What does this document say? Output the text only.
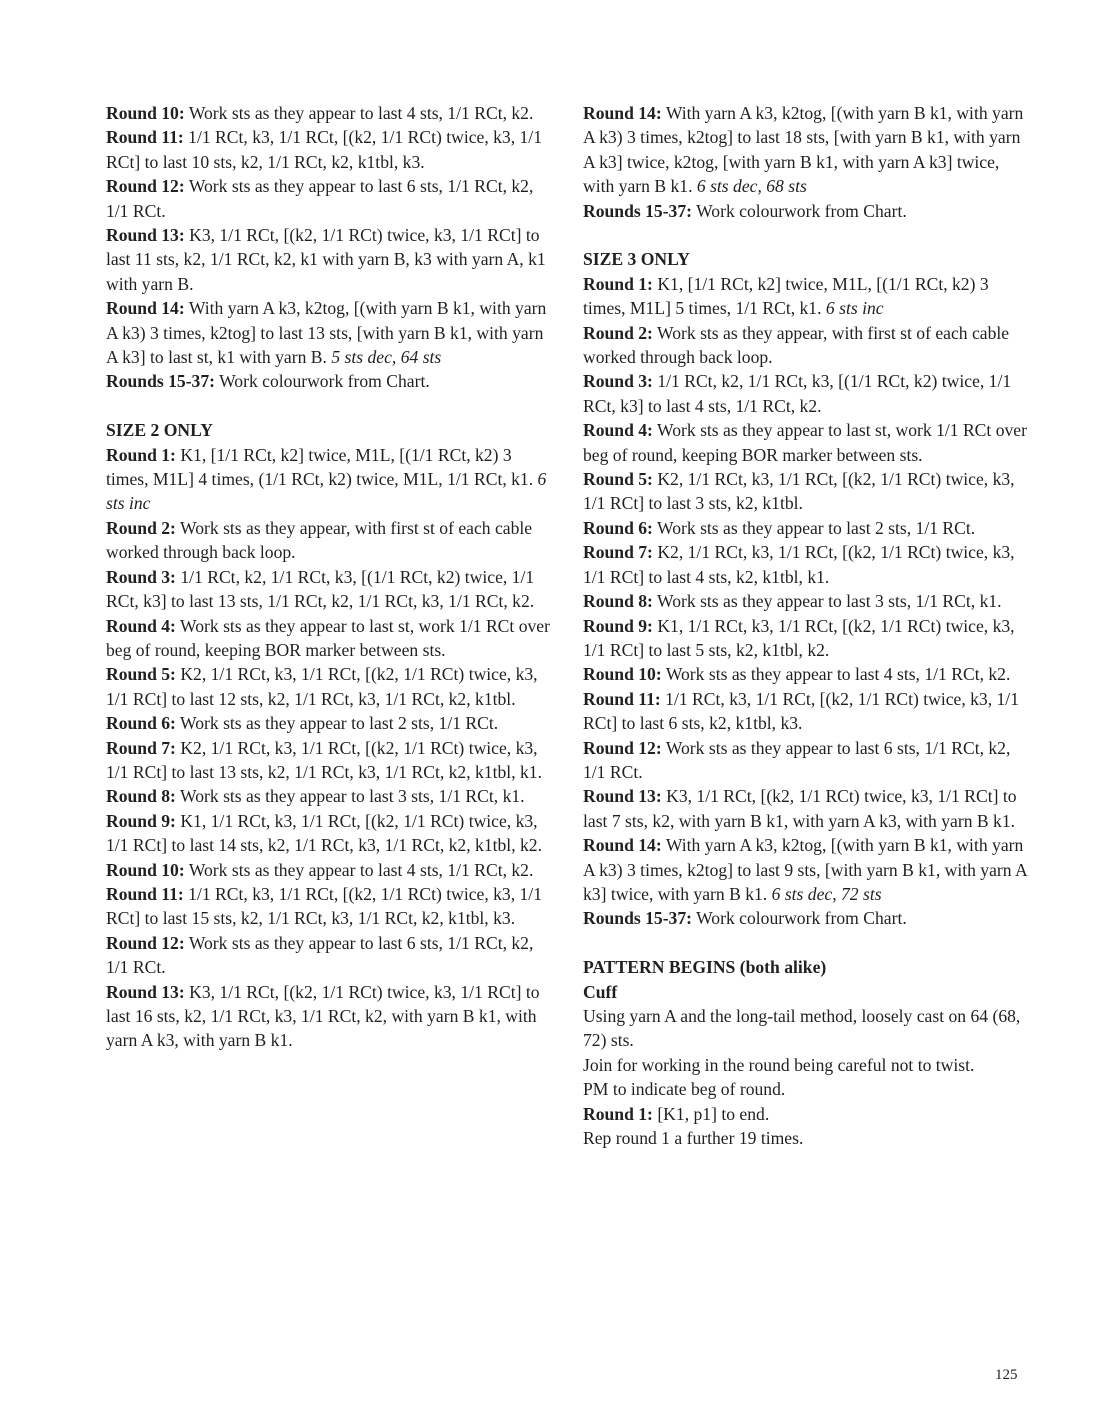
Round 10: Work sts as they appear to last 4 sts, 1/1 RCt, k2.

Round 11: 1/1 RCt, k3, 1/1 RCt, [(k2, 1/1 RCt) twice, k3, 1/1 RCt] to last 10 sts, k2, 1/1 RCt, k2, k1tbl, k3.

Round 12: Work sts as they appear to last 6 sts, 1/1 RCt, k2, 1/1 RCt.

Round 13: K3, 1/1 RCt, [(k2, 1/1 RCt) twice, k3, 1/1 RCt] to last 11 sts, k2, 1/1 RCt, k2, k1 with yarn B, k3 with yarn A, k1 with yarn B.

Round 14: With yarn A k3, k2tog, [(with yarn B k1, with yarn A k3) 3 times, k2tog] to last 13 sts, [with yarn B k1, with yarn A k3] to last st, k1 with yarn B. 5 sts dec, 64 sts

Rounds 15-37: Work colourwork from Chart.

SIZE 2 ONLY

Round 1: K1, [1/1 RCt, k2] twice, M1L, [(1/1 RCt, k2) 3 times, M1L] 4 times, (1/1 RCt, k2) twice, M1L, 1/1 RCt, k1. 6 sts inc

Round 2: Work sts as they appear, with first st of each cable worked through back loop.

Round 3: 1/1 RCt, k2, 1/1 RCt, k3, [(1/1 RCt, k2) twice, 1/1 RCt, k3] to last 13 sts, 1/1 RCt, k2, 1/1 RCt, k3, 1/1 RCt, k2.

Round 4: Work sts as they appear to last st, work 1/1 RCt over beg of round, keeping BOR marker between sts.

Round 5: K2, 1/1 RCt, k3, 1/1 RCt, [(k2, 1/1 RCt) twice, k3, 1/1 RCt] to last 12 sts, k2, 1/1 RCt, k3, 1/1 RCt, k2, k1tbl.

Round 6: Work sts as they appear to last 2 sts, 1/1 RCt.

Round 7: K2, 1/1 RCt, k3, 1/1 RCt, [(k2, 1/1 RCt) twice, k3, 1/1 RCt] to last 13 sts, k2, 1/1 RCt, k3, 1/1 RCt, k2, k1tbl, k1.

Round 8: Work sts as they appear to last 3 sts, 1/1 RCt, k1.

Round 9: K1, 1/1 RCt, k3, 1/1 RCt, [(k2, 1/1 RCt) twice, k3, 1/1 RCt] to last 14 sts, k2, 1/1 RCt, k3, 1/1 RCt, k2, k1tbl, k2.

Round 10: Work sts as they appear to last 4 sts, 1/1 RCt, k2.

Round 11: 1/1 RCt, k3, 1/1 RCt, [(k2, 1/1 RCt) twice, k3, 1/1 RCt] to last 15 sts, k2, 1/1 RCt, k3, 1/1 RCt, k2, k1tbl, k3.

Round 12: Work sts as they appear to last 6 sts, 1/1 RCt, k2, 1/1 RCt.

Round 13: K3, 1/1 RCt, [(k2, 1/1 RCt) twice, k3, 1/1 RCt] to last 16 sts, k2, 1/1 RCt, k3, 1/1 RCt, k2, with yarn B k1, with yarn A k3, with yarn B k1.

Round 14: With yarn A k3, k2tog, [(with yarn B k1, with yarn A k3) 3 times, k2tog] to last 18 sts, [with yarn B k1, with yarn A k3] twice, k2tog, [with yarn B k1, with yarn A k3] twice, with yarn B k1. 6 sts dec, 68 sts

Rounds 15-37: Work colourwork from Chart.

SIZE 3 ONLY

Round 1: K1, [1/1 RCt, k2] twice, M1L, [(1/1 RCt, k2) 3 times, M1L] 5 times, 1/1 RCt, k1. 6 sts inc

Round 2: Work sts as they appear, with first st of each cable worked through back loop.

Round 3: 1/1 RCt, k2, 1/1 RCt, k3, [(1/1 RCt, k2) twice, 1/1 RCt, k3] to last 4 sts, 1/1 RCt, k2.

Round 4: Work sts as they appear to last st, work 1/1 RCt over beg of round, keeping BOR marker between sts.

Round 5: K2, 1/1 RCt, k3, 1/1 RCt, [(k2, 1/1 RCt) twice, k3, 1/1 RCt] to last 3 sts, k2, k1tbl.

Round 6: Work sts as they appear to last 2 sts, 1/1 RCt.

Round 7: K2, 1/1 RCt, k3, 1/1 RCt, [(k2, 1/1 RCt) twice, k3, 1/1 RCt] to last 4 sts, k2, k1tbl, k1.

Round 8: Work sts as they appear to last 3 sts, 1/1 RCt, k1.

Round 9: K1, 1/1 RCt, k3, 1/1 RCt, [(k2, 1/1 RCt) twice, k3, 1/1 RCt] to last 5 sts, k2, k1tbl, k2.

Round 10: Work sts as they appear to last 4 sts, 1/1 RCt, k2.

Round 11: 1/1 RCt, k3, 1/1 RCt, [(k2, 1/1 RCt) twice, k3, 1/1 RCt] to last 6 sts, k2, k1tbl, k3.

Round 12: Work sts as they appear to last 6 sts, 1/1 RCt, k2, 1/1 RCt.

Round 13: K3, 1/1 RCt, [(k2, 1/1 RCt) twice, k3, 1/1 RCt] to last 7 sts, k2, with yarn B k1, with yarn A k3, with yarn B k1.

Round 14: With yarn A k3, k2tog, [(with yarn B k1, with yarn A k3) 3 times, k2tog] to last 9 sts, [with yarn B k1, with yarn A k3] twice, with yarn B k1. 6 sts dec, 72 sts

Rounds 15-37: Work colourwork from Chart.

PATTERN BEGINS (both alike)

Cuff

Using yarn A and the long-tail method, loosely cast on 64 (68, 72) sts.

Join for working in the round being careful not to twist.

PM to indicate beg of round.

Round 1: [K1, p1] to end.

Rep round 1 a further 19 times.

125
